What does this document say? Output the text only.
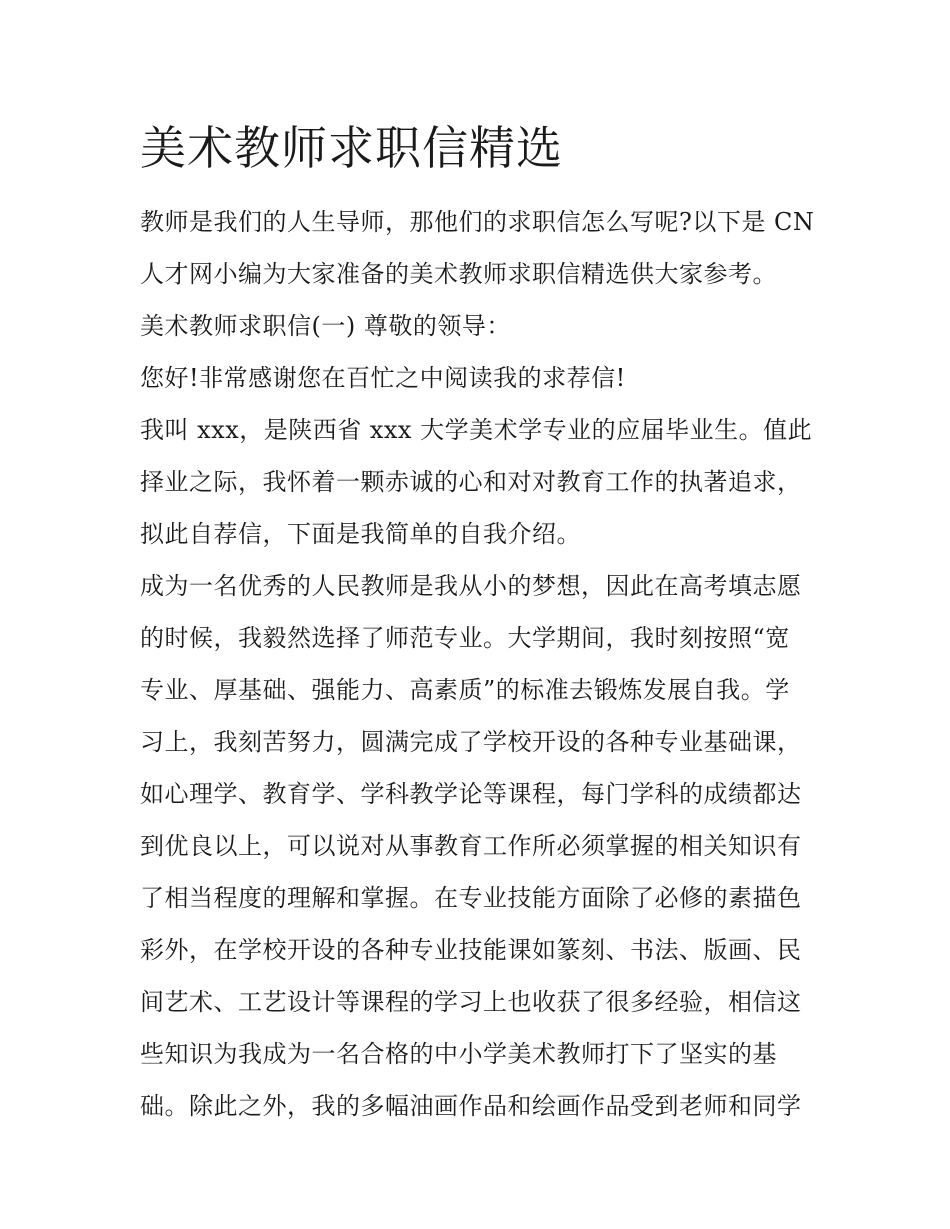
美术教师求职信精选
教师是我们的人生导师，那他们的求职信怎么写呢?以下是 CN
人才网小编为大家准备的美术教师求职信精选供大家参考。
美术教师求职信(一) 尊敬的领导：
您好!非常感谢您在百忙之中阅读我的求荐信!
我叫 xxx，是陕西省 xxx 大学美术学专业的应届毕业生。值此
择业之际，我怀着一颗赤诚的心和对对教育工作的执著追求，
拟此自荐信，下面是我简单的自我介绍。
成为一名优秀的人民教师是我从小的梦想，因此在高考填志愿
的时候，我毅然选择了师范专业。大学期间，我时刻按照“宽
专业、厚基础、强能力、高素质”的标准去锻炼发展自我。学
习上，我刻苦努力，圆满完成了学校开设的各种专业基础课，
如心理学、教育学、学科教学论等课程，每门学科的成绩都达
到优良以上，可以说对从事教育工作所必须掌握的相关知识有
了相当程度的理解和掌握。在专业技能方面除了必修的素描色
彩外，在学校开设的各种专业技能课如篆刻、书法、版画、民
间艺术、工艺设计等课程的学习上也收获了很多经验，相信这
些知识为我成为一名合格的中小学美术教师打下了坚实的基
础。除此之外，我的多幅油画作品和绘画作品受到老师和同学
